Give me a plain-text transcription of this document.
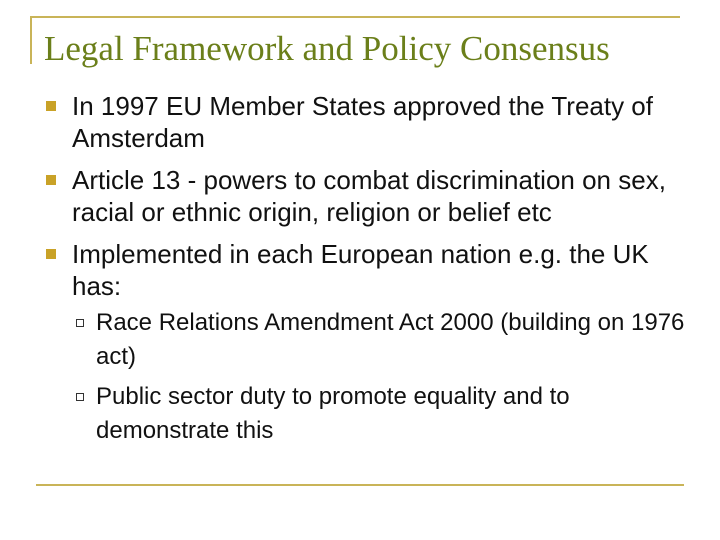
Legal Framework and Policy Consensus
In 1997 EU Member States approved the Treaty of Amsterdam
Article 13 - powers to combat discrimination on sex, racial or ethnic origin, religion or belief etc
Implemented in each European nation e.g. the UK has:
Race Relations Amendment Act 2000 (building on 1976 act)
Public sector duty to promote equality and to demonstrate this
